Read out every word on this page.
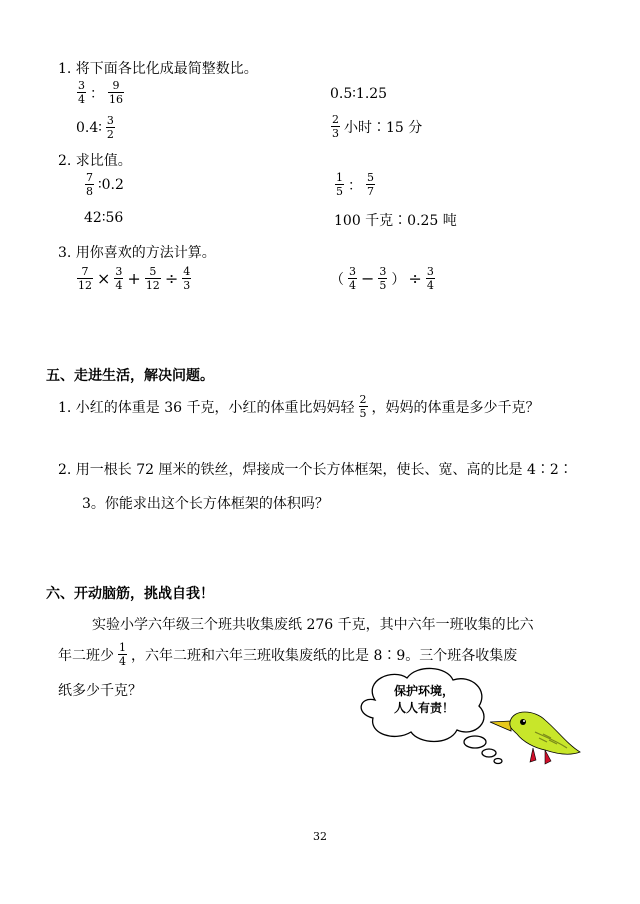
1. 将下面各比化成最简整数比。
$\frac{3}{4}$ ： $\frac{9}{16}$	0.5∶1.25
0.4∶ $\frac{3}{2}$	$\frac{2}{3}$ 小时∶15 分
2. 求比值。
$\frac{7}{8}$ ∶0.2	$\frac{1}{5}$ ： $\frac{5}{7}$
42∶56	100 千克∶0.25 吨
3. 用你喜欢的方法计算。
$\frac{7}{12} \times \frac{3}{4} + \frac{5}{12} \div \frac{4}{3}$	（ $\frac{3}{4} - \frac{3}{5}$ ） ÷ $\frac{3}{4}$
五、走进生活，解决问题。
1. 小红的体重是 36 千克，小红的体重比妈妈轻 $\frac{2}{5}$ ，妈妈的体重是多少千克？
2. 用一根长 72 厘米的铁丝，焊接成一个长方体框架，使长、宽、高的比是 4∶2∶
3。你能求出这个长方体框架的体积吗？
六、开动脑筋，挑战自我！
实验小学六年级三个班共收集废纸 276 千克，其中六年一班收集的比六
年二班少 $\frac{1}{4}$ ，六年二班和六年三班收集废纸的比是 8∶9。三个班各收集废
纸多少千克？	保护环境，
人人有责！
32
